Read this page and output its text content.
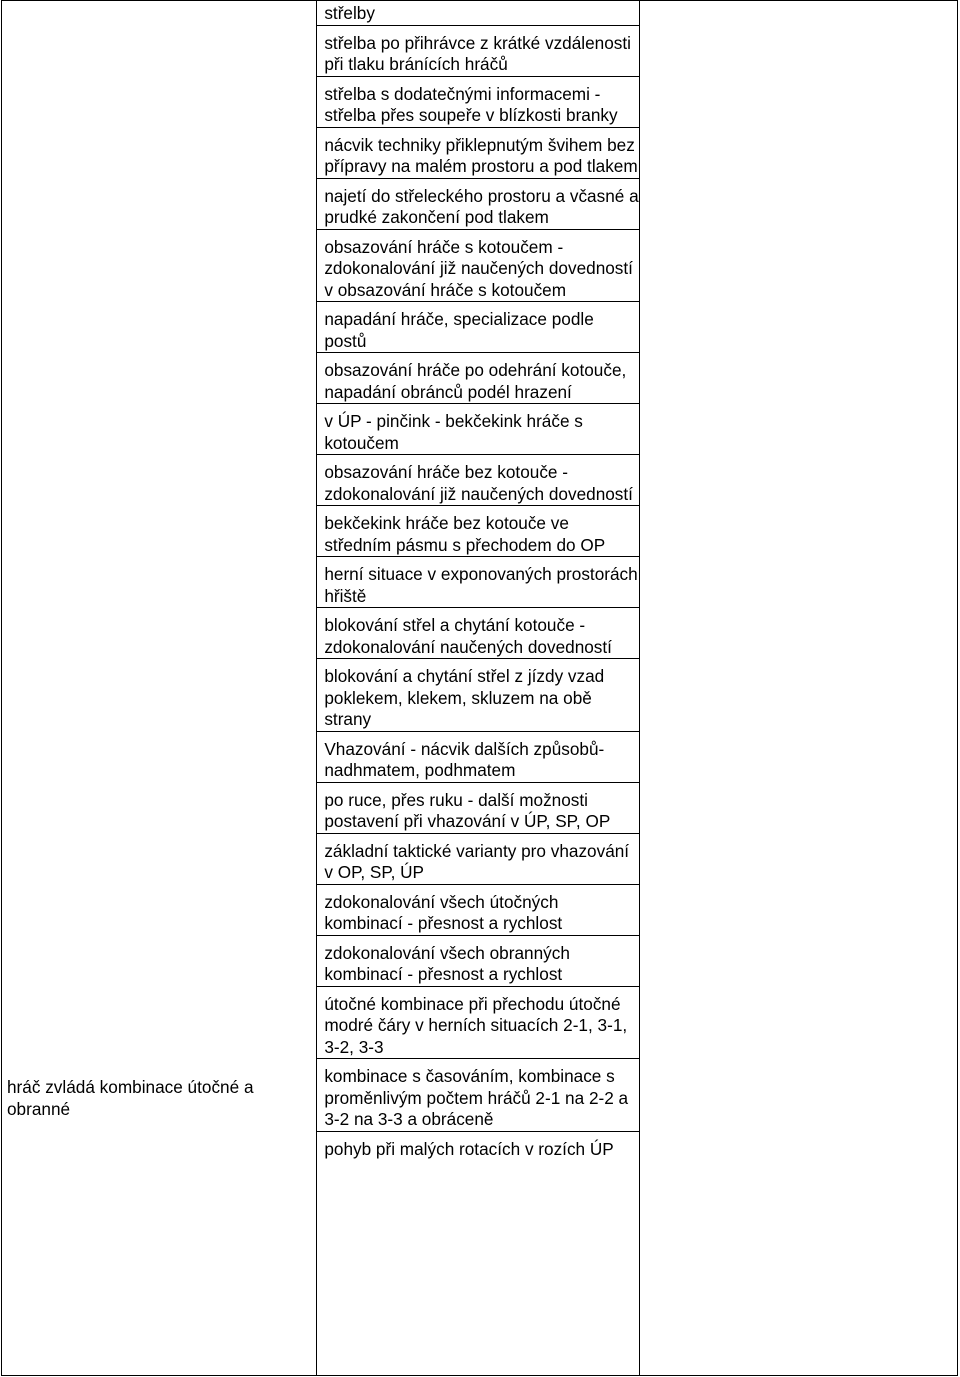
střelby
střelba po přihrávce z krátké vzdálenosti při tlaku bránících hráčů
střelba s dodatečnými informacemi - střelba přes soupeře v blízkosti branky
nácvik techniky přiklepnutým švihem bez přípravy na malém prostoru a pod tlakem
najetí do střeleckého prostoru a včasné a prudké zakončení pod tlakem
obsazování hráče s kotoučem - zdokonalování již naučených dovedností v obsazování hráče s kotoučem
napadání hráče, specializace podle postů
obsazování hráče po odehrání kotouče, napadání obránců podél hrazení
v ÚP - pinčink - bekčekink hráče s kotoučem
obsazování hráče bez kotouče - zdokonalování již naučených dovedností
bekčekink hráče bez kotouče ve středním pásmu s přechodem do OP
herní situace v exponovaných prostorách hřiště
blokování střel a chytání kotouče - zdokonalování naučených dovedností
blokování a chytání střel z jízdy vzad poklekem, klekem, skluzem na obě strany
Vhazování - nácvik dalších způsobů-nadhmatem, podhmatem
po ruce, přes ruku - další možnosti postavení při vhazování v ÚP, SP, OP
základní taktické varianty pro vhazování v OP, SP, ÚP
zdokonalování všech útočných kombinací - přesnost a rychlost
zdokonalování všech obranných kombinací - přesnost a rychlost
útočné kombinace při přechodu útočné modré čáry v herních situacích 2-1, 3-1, 3-2, 3-3
kombinace s časováním, kombinace s proměnlivým počtem hráčů 2-1 na 2-2 a 3-2 na 3-3 a obráceně
pohyb při malých rotacích v rozích ÚP

hráč zvládá kombinace útočné a obranné
